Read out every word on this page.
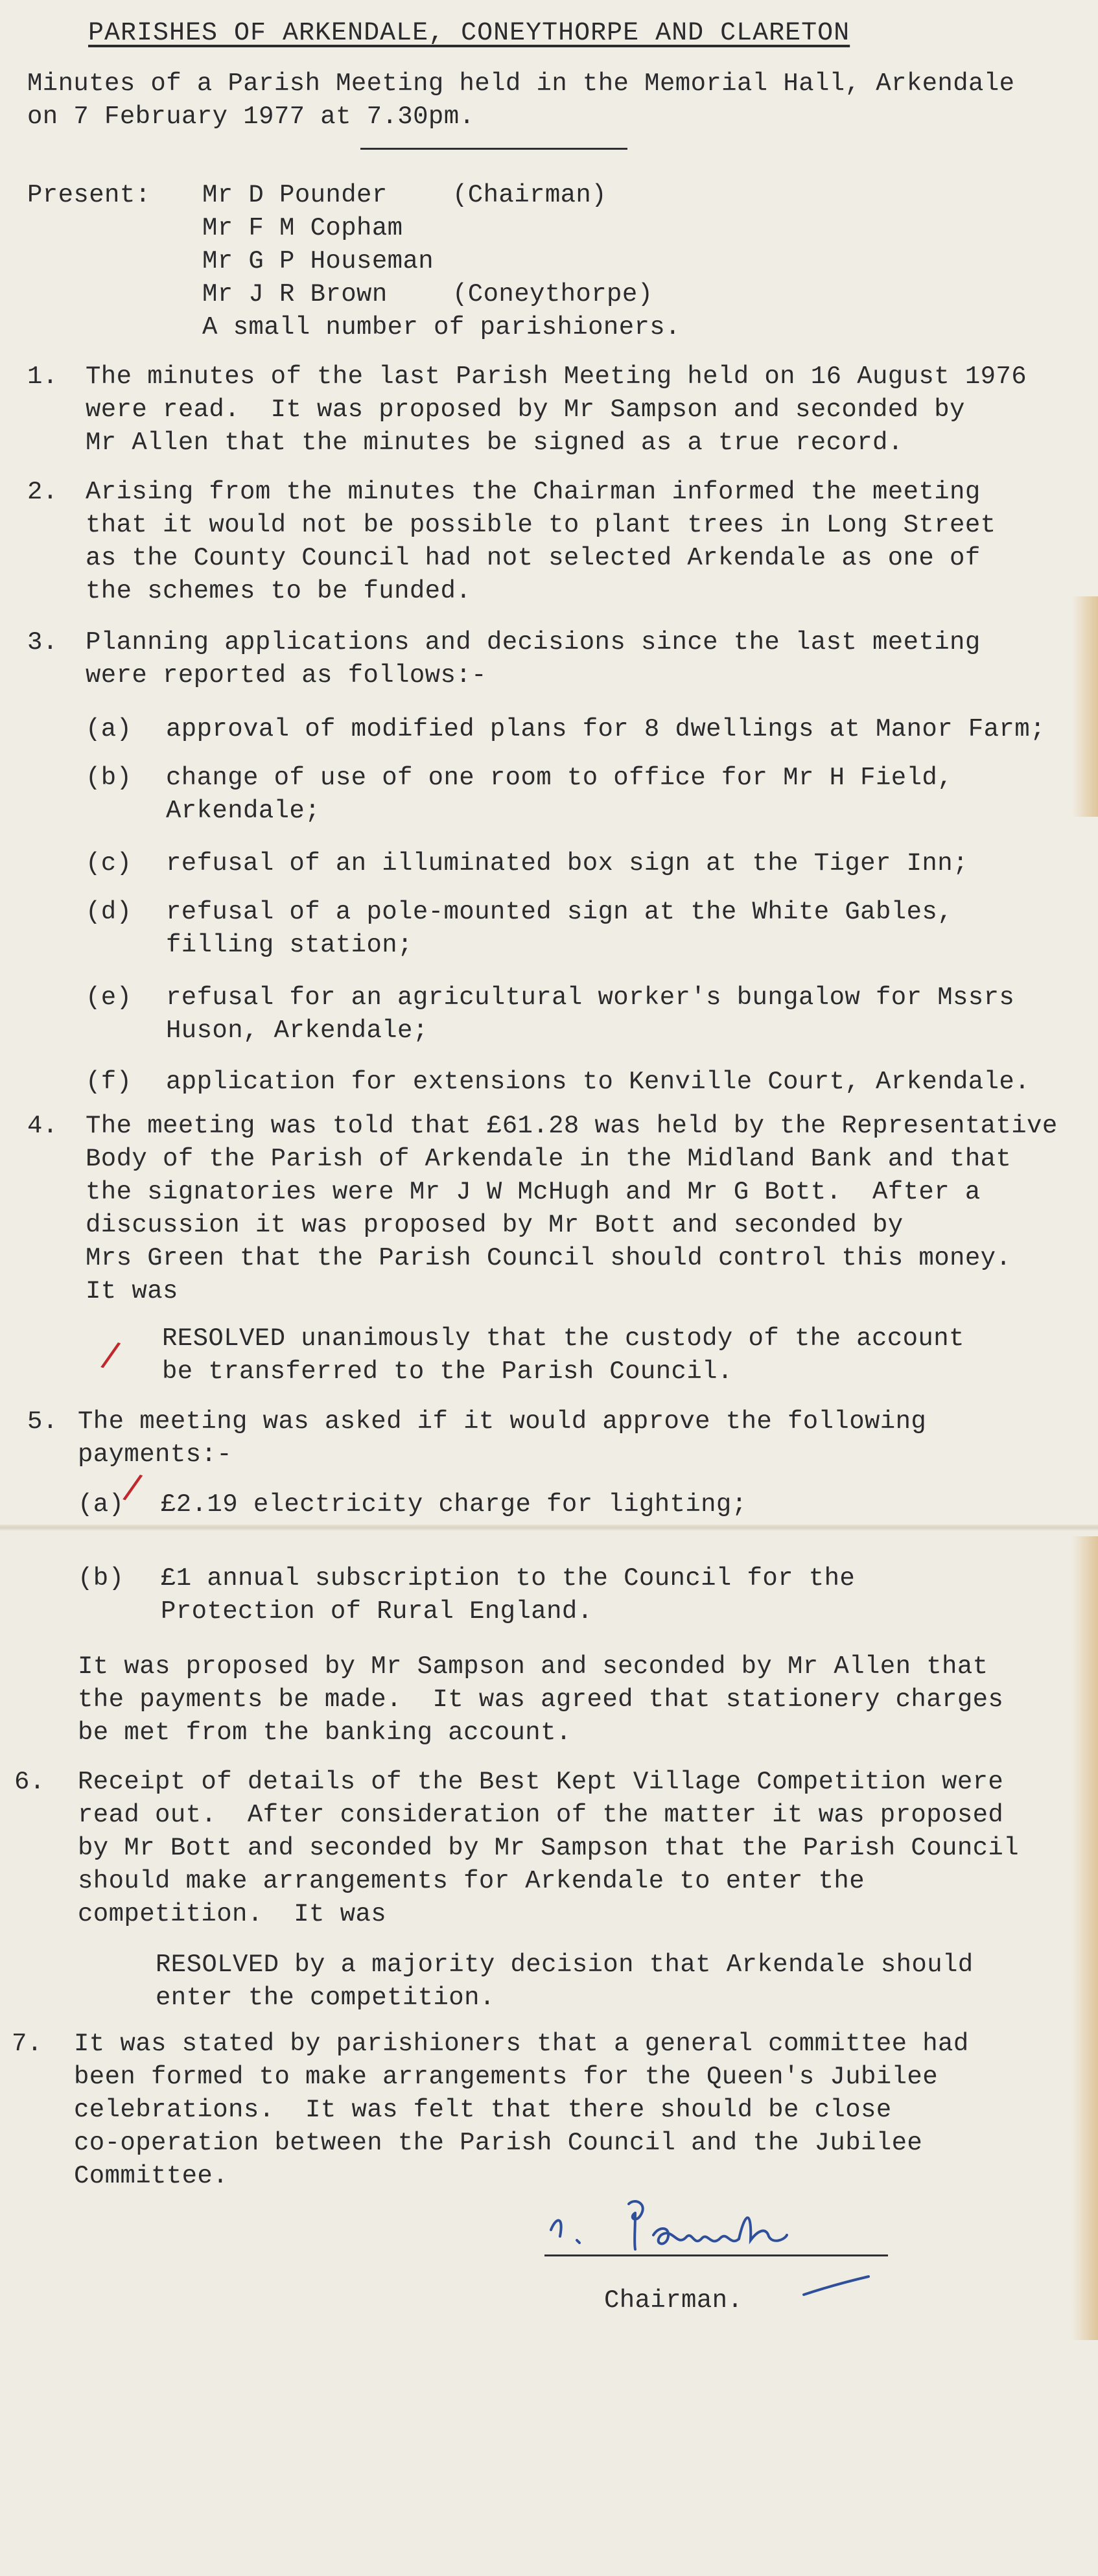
PARISHES OF ARKENDALE, CONEYTHORPE AND CLARETON
Minutes of a Parish Meeting held in the Memorial Hall, Arkendale
on 7 February 1977 at 7.30pm.
Present: Mr D Pounder	(Chairman)
Mr F M Copham
Mr G P Houseman
Mr J R Brown	(Coneythorpe)
A small number of parishioners.
1. The minutes of the last Parish Meeting held on 16 August 1976
were read.  It was proposed by Mr Sampson and seconded by
Mr Allen that the minutes be signed as a true record.
2. Arising from the minutes the Chairman informed the meeting
that it would not be possible to plant trees in Long Street
as the County Council had not selected Arkendale as one of
the schemes to be funded.
3. Planning applications and decisions since the last meeting
were reported as follows:-
(a) approval of modified plans for 8 dwellings at Manor Farm;
(b) change of use of one room to office for Mr H Field,
Arkendale;
(c) refusal of an illuminated box sign at the Tiger Inn;
(d) refusal of a pole-mounted sign at the White Gables,
filling station;
(e) refusal for an agricultural worker's bungalow for Mssrs
Huson, Arkendale;
(f) application for extensions to Kenville Court, Arkendale.
4. The meeting was told that £61.28 was held by the Representative
Body of the Parish of Arkendale in the Midland Bank and that
the signatories were Mr J W McHugh and Mr G Bott.  After a
discussion it was proposed by Mr Bott and seconded by
Mrs Green that the Parish Council should control this money.
It was
/ RESOLVED unanimously that the custody of the account
be transferred to the Parish Council.
5. The meeting was asked if it would approve the following
payments:-
(a)
/ £2.19 electricity charge for lighting;
(b) £1 annual subscription to the Council for the
Protection of Rural England.
It was proposed by Mr Sampson and seconded by Mr Allen that
the payments be made.  It was agreed that stationery charges
be met from the banking account.
6. Receipt of details of the Best Kept Village Competition were
read out.  After consideration of the matter it was proposed
by Mr Bott and seconded by Mr Sampson that the Parish Council
should make arrangements for Arkendale to enter the
competition.  It was
RESOLVED by a majority decision that Arkendale should
enter the competition.
7. It was stated by parishioners that a general committee had
been formed to make arrangements for the Queen's Jubilee
celebrations.  It was felt that there should be close
co-operation between the Parish Council and the Jubilee
Committee.
Chairman.
